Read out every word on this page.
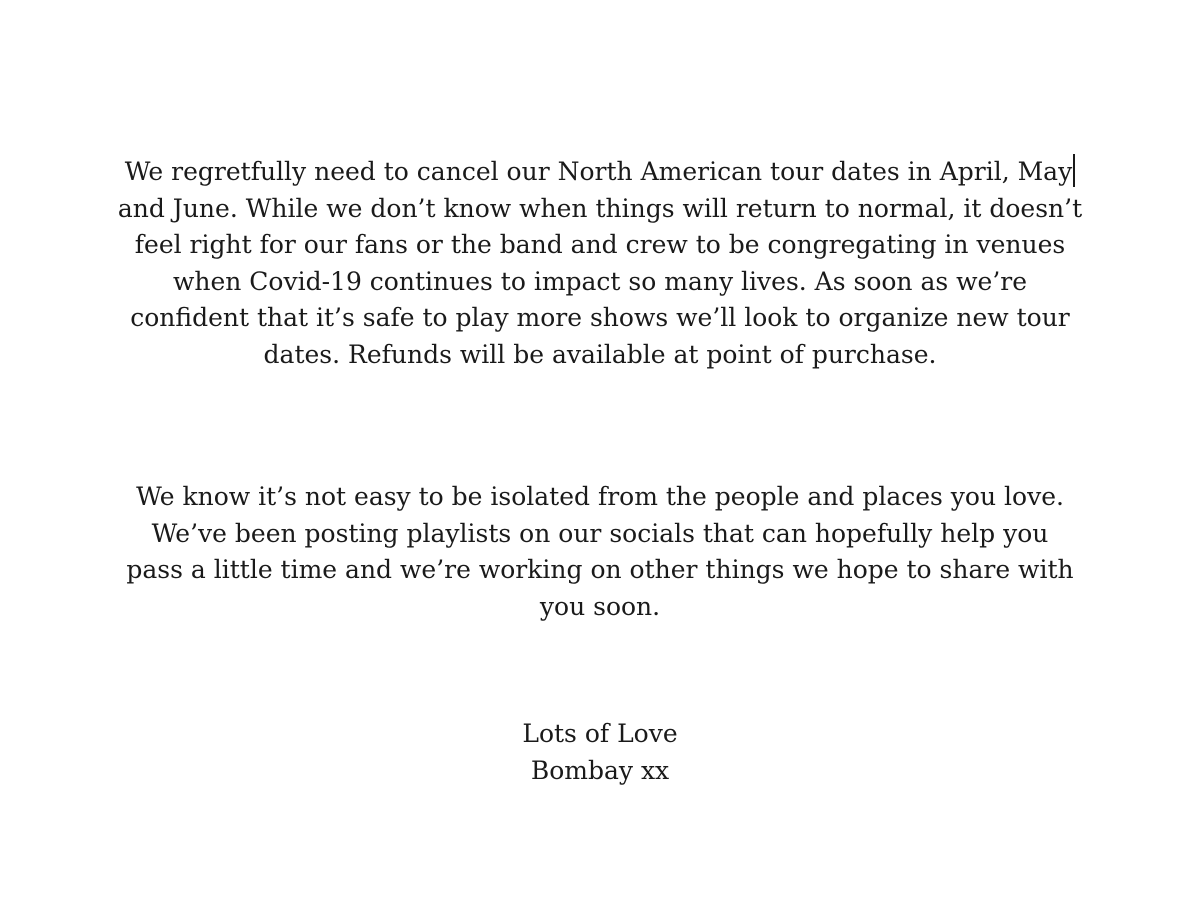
We regretfully need to cancel our North American tour dates in April, May
and June. While we don’t know when things will return to normal, it doesn’t
feel right for our fans or the band and crew to be congregating in venues
when Covid-19 continues to impact so many lives. As soon as we’re
confident that it’s safe to play more shows we’ll look to organize new tour
dates. Refunds will be available at point of purchase.
We know it’s not easy to be isolated from the people and places you love.
We’ve been posting playlists on our socials that can hopefully help you
pass a little time and we’re working on other things we hope to share with
you soon.
Lots of Love
Bombay xx
